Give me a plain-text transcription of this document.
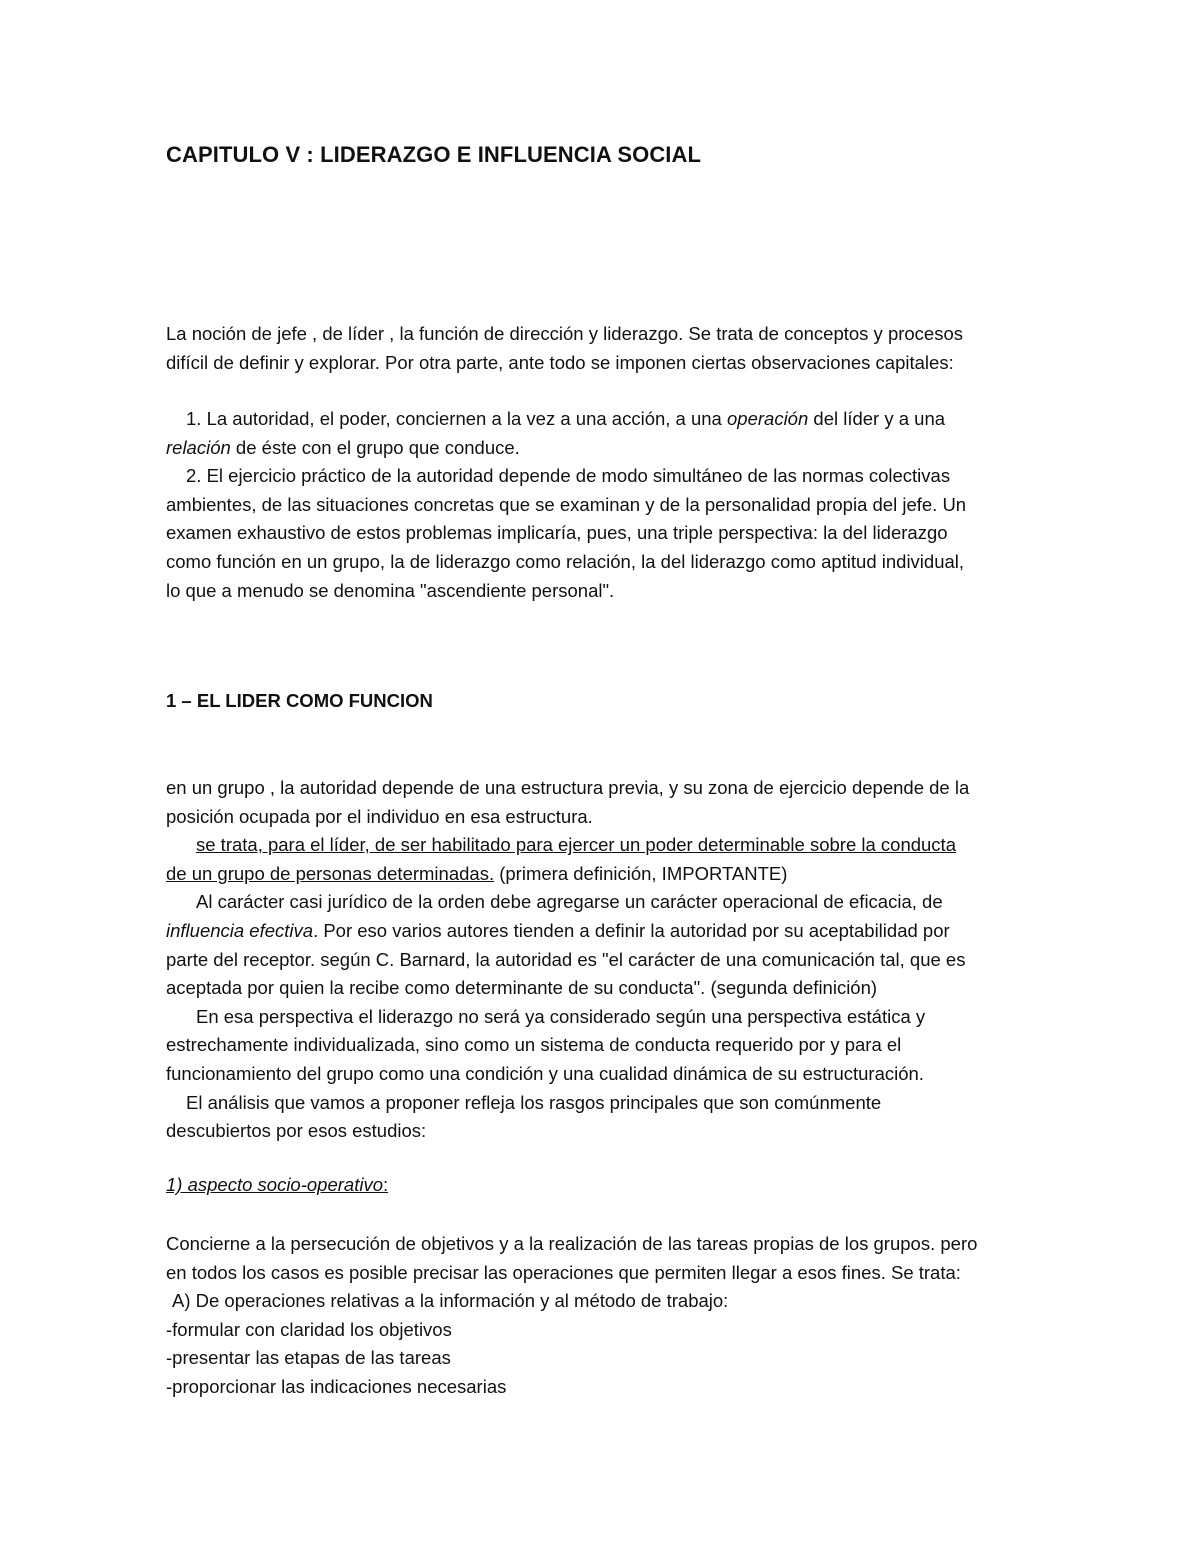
CAPITULO V : LIDERAZGO E INFLUENCIA SOCIAL
La noción de jefe , de líder , la función de dirección y liderazgo. Se trata de conceptos y procesos
difícil de definir y explorar. Por otra parte, ante todo se imponen ciertas observaciones capitales:
1. La autoridad, el poder, conciernen a la vez a una acción, a una operación del líder y a una
relación de éste con el grupo que conduce.
2. El ejercicio práctico de la autoridad depende de modo simultáneo de las normas colectivas
ambientes, de las situaciones concretas que se examinan y de la personalidad propia del jefe. Un
examen exhaustivo de estos problemas implicaría, pues, una triple perspectiva: la del liderazgo
como función en un grupo, la de liderazgo como relación, la del liderazgo como aptitud individual,
lo que a menudo se denomina "ascendiente personal".
1 – EL LIDER COMO FUNCION
en un grupo , la autoridad depende de una estructura previa, y su zona de ejercicio depende de la
posición ocupada por el individuo en esa estructura.
se trata, para el líder, de ser habilitado para ejercer un poder determinable sobre la conducta
de un grupo de personas determinadas. (primera definición, IMPORTANTE)
Al carácter casi jurídico de la orden debe agregarse un carácter operacional de eficacia, de
influencia efectiva. Por eso varios autores tienden a definir la autoridad por su aceptabilidad por
parte del receptor. según C. Barnard, la autoridad es "el carácter de una comunicación tal, que es
aceptada por quien la recibe como determinante de su conducta". (segunda definición)
En esa perspectiva el liderazgo no será ya considerado según una perspectiva estática y
estrechamente individualizada, sino como un sistema de conducta requerido por y para el
funcionamiento del grupo como una condición y una cualidad dinámica de su estructuración.
El análisis que vamos a proponer refleja los rasgos principales que son comúnmente
descubiertos por esos estudios:
1) aspecto socio-operativo:
Concierne a la persecución de objetivos y a la realización de las tareas propias de los grupos. pero
en todos los casos es posible precisar las operaciones que permiten llegar a esos fines. Se trata:
A) De operaciones relativas a la información y al método de trabajo:
-formular con claridad los objetivos
-presentar las etapas de las tareas
-proporcionar las indicaciones necesarias
